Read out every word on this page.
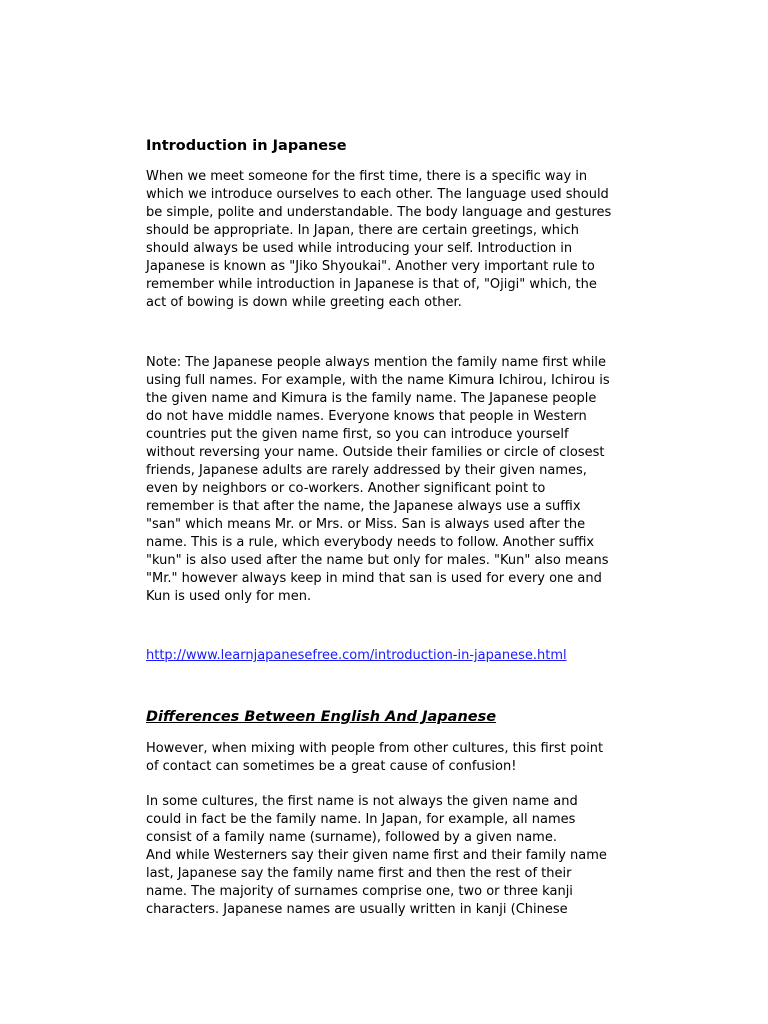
Introduction in Japanese

When we meet someone for the first time, there is a specific way in
which we introduce ourselves to each other. The language used should
be simple, polite and understandable. The body language and gestures
should be appropriate. In Japan, there are certain greetings, which
should always be used while introducing your self. Introduction in
Japanese is known as "Jiko Shyoukai". Another very important rule to
remember while introduction in Japanese is that of, "Ojigi" which, the
act of bowing is down while greeting each other.

Note: The Japanese people always mention the family name first while
using full names. For example, with the name Kimura Ichirou, Ichirou is
the given name and Kimura is the family name. The Japanese people
do not have middle names. Everyone knows that people in Western
countries put the given name first, so you can introduce yourself
without reversing your name. Outside their families or circle of closest
friends, Japanese adults are rarely addressed by their given names,
even by neighbors or co-workers. Another significant point to
remember is that after the name, the Japanese always use a suffix
"san" which means Mr. or Mrs. or Miss. San is always used after the
name. This is a rule, which everybody needs to follow. Another suffix
"kun" is also used after the name but only for males. "Kun" also means
"Mr." however always keep in mind that san is used for every one and
Kun is used only for men.

http://www.learnjapanesefree.com/introduction-in-japanese.html
Differences Between English And Japanese

However, when mixing with people from other cultures, this first point
of contact can sometimes be a great cause of confusion!

In some cultures, the first name is not always the given name and
could in fact be the family name. In Japan, for example, all names
consist of a family name (surname), followed by a given name.
And while Westerners say their given name first and their family name
last, Japanese say the family name first and then the rest of their
name. The majority of surnames comprise one, two or three kanji
characters. Japanese names are usually written in kanji (Chinese
